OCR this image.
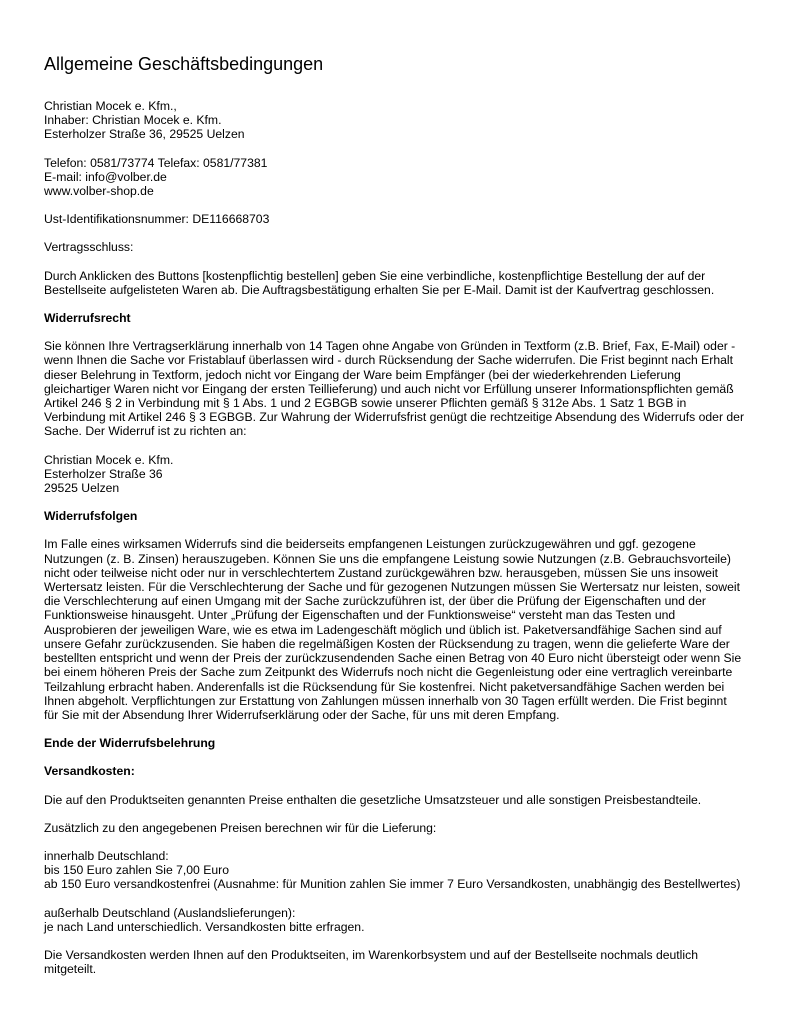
Allgemeine Geschäftsbedingungen

Christian Mocek e. Kfm.,
Inhaber: Christian Mocek e. Kfm.
Esterholzer Straße 36, 29525 Uelzen

Telefon: 0581/73774 Telefax: 0581/77381
E-mail: info@volber.de
www.volber-shop.de

Ust-Identifikationsnummer: DE116668703

Vertragsschluss:

Durch Anklicken des Buttons [kostenpflichtig bestellen] geben Sie eine verbindliche, kostenpflichtige Bestellung der auf der Bestellseite aufgelisteten Waren ab. Die Auftragsbestätigung erhalten Sie per E-Mail. Damit ist der Kaufvertrag geschlossen.

Widerrufsrecht

Sie können Ihre Vertragserklärung innerhalb von 14 Tagen ohne Angabe von Gründen in Textform (z.B. Brief, Fax, E-Mail) oder - wenn Ihnen die Sache vor Fristablauf überlassen wird - durch Rücksendung der Sache widerrufen. Die Frist beginnt nach Erhalt dieser Belehrung in Textform, jedoch nicht vor Eingang der Ware beim Empfänger (bei der wiederkehrenden Lieferung gleichartiger Waren nicht vor Eingang der ersten Teillieferung) und auch nicht vor Erfüllung unserer Informationspflichten gemäß Artikel 246 § 2 in Verbindung mit § 1 Abs. 1 und 2 EGBGB sowie unserer Pflichten gemäß § 312e Abs. 1 Satz 1 BGB in Verbindung mit Artikel 246 § 3 EGBGB. Zur Wahrung der Widerrufsfrist genügt die rechtzeitige Absendung des Widerrufs oder der Sache. Der Widerruf ist zu richten an:

Christian Mocek e. Kfm.
Esterholzer Straße 36
29525 Uelzen

Widerrufsfolgen

Im Falle eines wirksamen Widerrufs sind die beiderseits empfangenen Leistungen zurückzugewähren und ggf. gezogene Nutzungen (z. B. Zinsen) herauszugeben. Können Sie uns die empfangene Leistung sowie Nutzungen (z.B. Gebrauchsvorteile) nicht oder teilweise nicht oder nur in verschlechtertem Zustand zurückgewähren bzw. herausgeben, müssen Sie uns insoweit Wertersatz leisten. Für die Verschlechterung der Sache und für gezogenen Nutzungen müssen Sie Wertersatz nur leisten, soweit die Verschlechterung auf einen Umgang mit der Sache zurückzuführen ist, der über die Prüfung der Eigenschaften und der Funktionsweise hinausgeht. Unter „Prüfung der Eigenschaften und der Funktionsweise“ versteht man das Testen und Ausprobieren der jeweiligen Ware, wie es etwa im Ladengeschäft möglich und üblich ist. Paketversandfähige Sachen sind auf unsere Gefahr zurückzusenden. Sie haben die regelmäßigen Kosten der Rücksendung zu tragen, wenn die gelieferte Ware der bestellten entspricht und wenn der Preis der zurückzusendenden Sache einen Betrag von 40 Euro nicht übersteigt oder wenn Sie bei einem höheren Preis der Sache zum Zeitpunkt des Widerrufs noch nicht die Gegenleistung oder eine vertraglich vereinbarte Teilzahlung erbracht haben. Anderenfalls ist die Rücksendung für Sie kostenfrei. Nicht paketversandfähige Sachen werden bei Ihnen abgeholt. Verpflichtungen zur Erstattung von Zahlungen müssen innerhalb von 30 Tagen erfüllt werden. Die Frist beginnt für Sie mit der Absendung Ihrer Widerrufserklärung oder der Sache, für uns mit deren Empfang.

Ende der Widerrufsbelehrung

Versandkosten:

Die auf den Produktseiten genannten Preise enthalten die gesetzliche Umsatzsteuer und alle sonstigen Preisbestandteile.

Zusätzlich zu den angegebenen Preisen berechnen wir für die Lieferung:

innerhalb Deutschland:
bis 150 Euro zahlen Sie 7,00 Euro
ab 150 Euro versandkostenfrei (Ausnahme: für Munition zahlen Sie immer 7 Euro Versandkosten, unabhängig des Bestellwertes)

außerhalb Deutschland (Auslandslieferungen):
je nach Land unterschiedlich. Versandkosten bitte erfragen.

Die Versandkosten werden Ihnen auf den Produktseiten, im Warenkorbsystem und auf der Bestellseite nochmals deutlich mitgeteilt.
